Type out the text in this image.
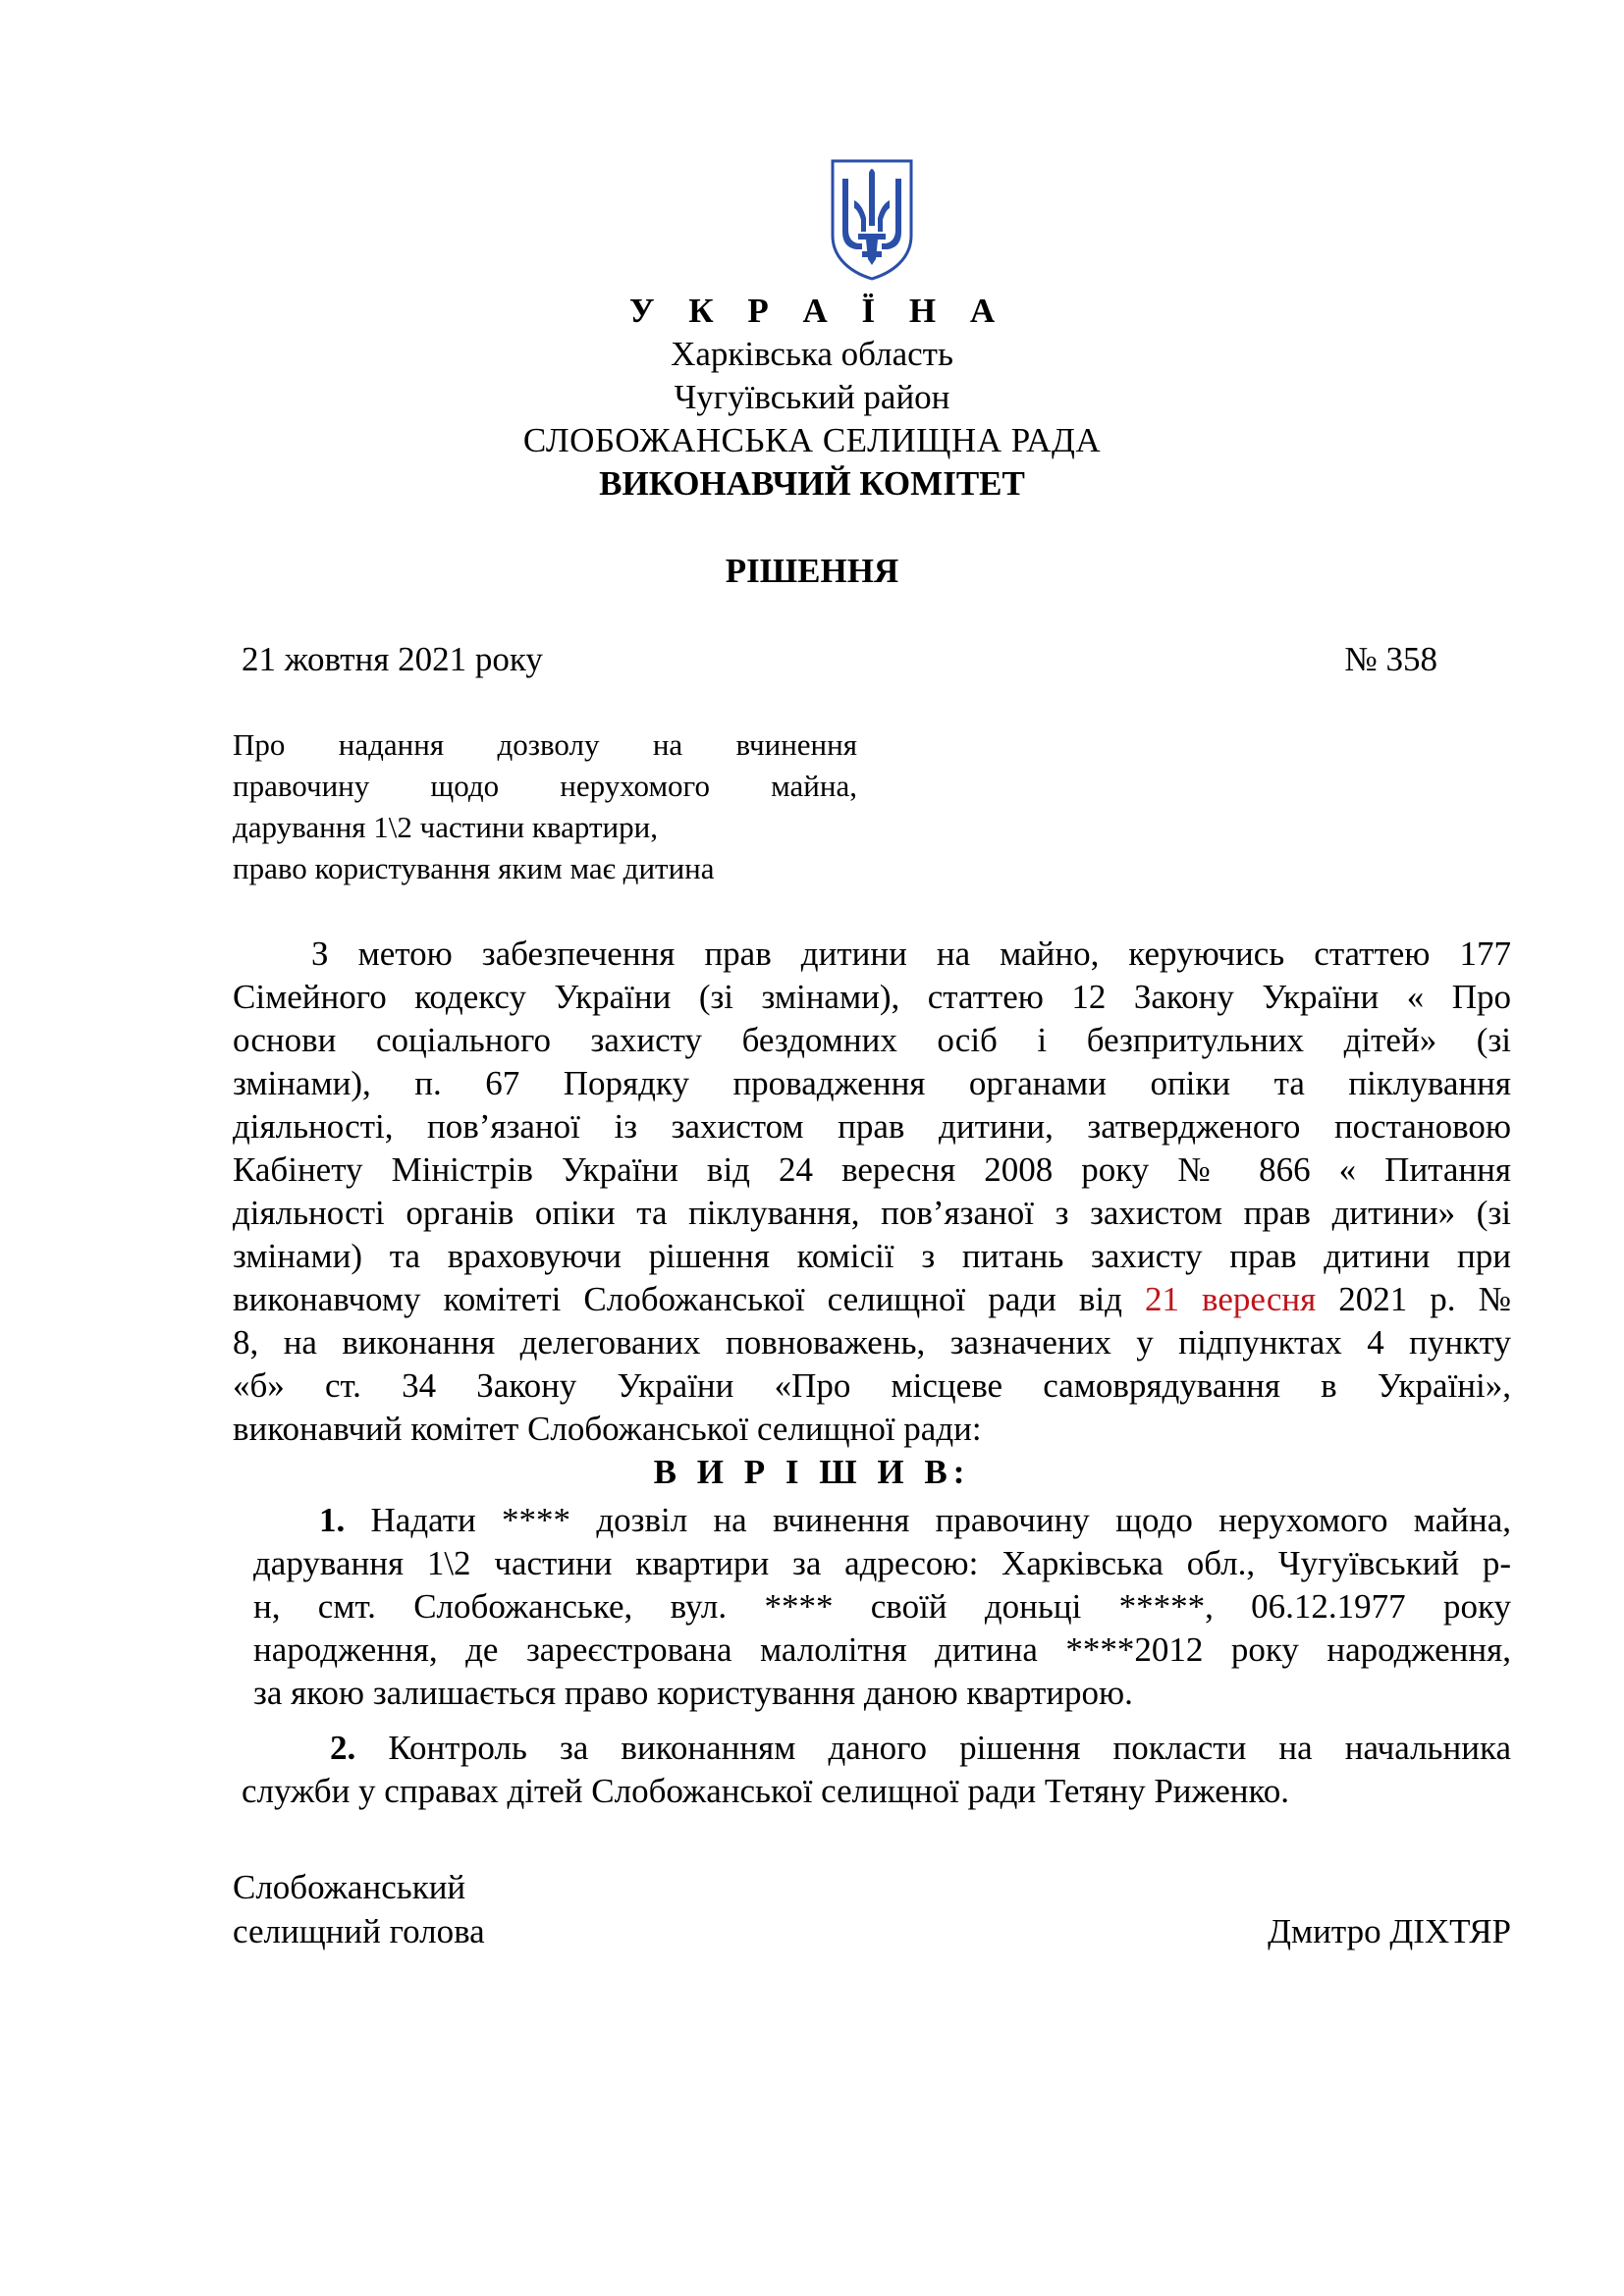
У К Р А Ї Н А
Харківська область
Чугуївський район
СЛОБОЖАНСЬКА СЕЛИЩНА РАДА
ВИКОНАВЧИЙ КОМІТЕТ
РІШЕННЯ
21 жовтня 2021 року	№ 358
Про надання дозволу на вчинення
правочину щодо нерухомого майна,
дарування 1\2 частини квартири,
право користування яким має дитина
З метою забезпечення прав дитини на майно, керуючись статтею 177
Сімейного кодексу України (зі змінами), статтею 12 Закону України « Про
основи соціального захисту бездомних осіб і безпритульних дітей» (зі
змінами), п. 67 Порядку провадження органами опіки та піклування
діяльності, пов’язаної із захистом прав дитини, затвердженого постановою
Кабінету Міністрів України від 24 вересня 2008 року № 866 « Питання
діяльності органів опіки та піклування, пов’язаної з захистом прав дитини» (зі
змінами) та враховуючи рішення комісії з питань захисту прав дитини при
виконавчому комітеті Слобожанської селищної ради від 21 вересня 2021 р. №
8, на виконання делегованих повноважень, зазначених у підпунктах 4 пункту
«б» ст. 34 Закону України «Про місцеве самоврядування в Україні»,
виконавчий комітет Слобожанської селищної ради:
В И Р І Ш И В:
1. Надати **** дозвіл на вчинення правочину щодо нерухомого майна,
дарування 1\2 частини квартири за адресою: Харківська обл., Чугуївський р-
н, смт. Слобожанське, вул. **** своїй доньці *****, 06.12.1977 року
народження, де зареєстрована малолітня дитина ****2012 року народження,
за якою залишається право користування даною квартирою.
2. Контроль за виконанням даного рішення покласти на начальника
служби у справах дітей Слобожанської селищної ради Тетяну Риженко.
Слобожанський
селищний голова	Дмитро ДІХТЯР
